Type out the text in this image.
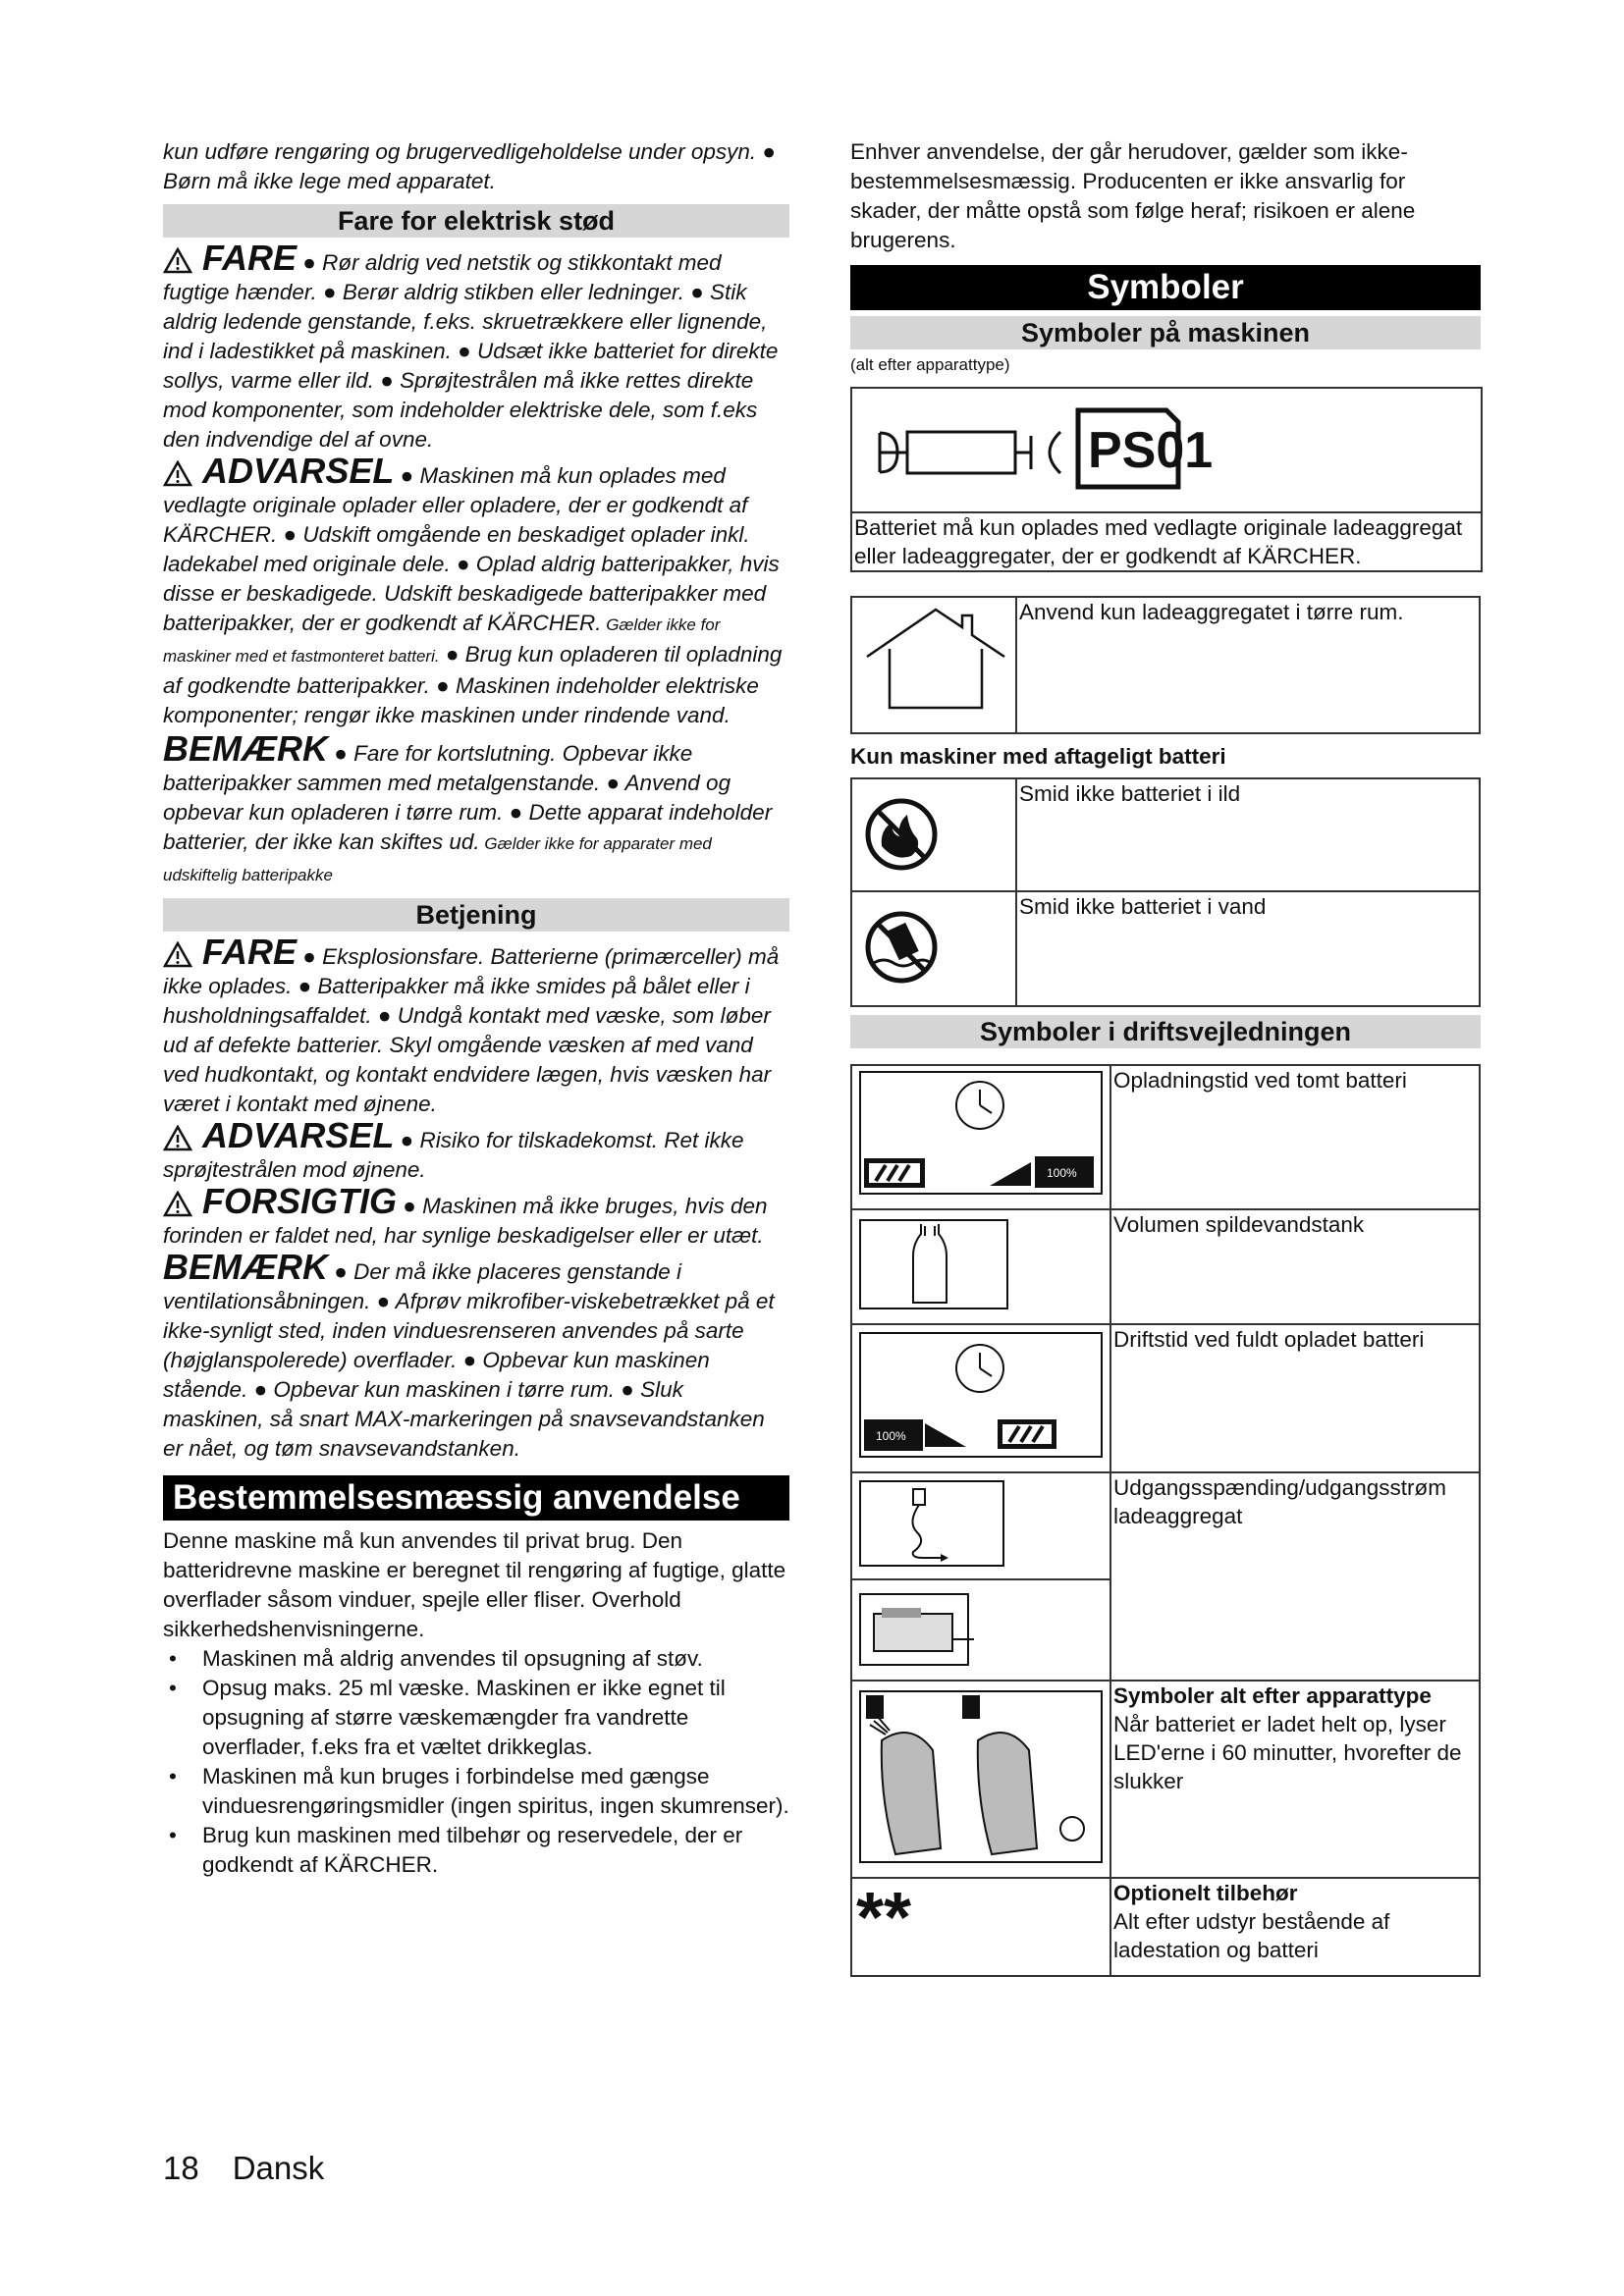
kun udføre rengøring og brugervedligeholdelse under opsyn. ● Børn må ikke lege med apparatet.

Fare for elektrisk stød

FARE ● Rør aldrig ved netstik og stikkontakt med fugtige hænder. ● Berør aldrig stikben eller ledninger. ● Stik aldrig ledende genstande, f.eks. skruetrækkere eller lignende, ind i ladestikket på maskinen. ● Udsæt ikke batteriet for direkte sollys, varme eller ild. ● Sprøjtestrålen må ikke rettes direkte mod komponenter, som indeholder elektriske dele, som f.eks den indvendige del af ovne.

ADVARSEL ● Maskinen må kun oplades med vedlagte originale oplader eller opladere, der er godkendt af KÄRCHER. ● Udskift omgående en beskadiget oplader inkl. ladekabel med originale dele. ● Oplad aldrig batteripakker, hvis disse er beskadigede. Udskift beskadigede batteripakker med batteripakker, der er godkendt af KÄRCHER. Gælder ikke for maskiner med et fastmonteret batteri. ● Brug kun opladeren til opladning af godkendte batteripakker. ● Maskinen indeholder elektriske komponenter; rengør ikke maskinen under rindende vand.

BEMÆRK ● Fare for kortslutning. Opbevar ikke batteripakker sammen med metalgenstande. ● Anvend og opbevar kun opladeren i tørre rum. ● Dette apparat indeholder batterier, der ikke kan skiftes ud. Gælder ikke for apparater med udskiftelig batteripakke

Betjening

FARE ● Eksplosionsfare. Batterierne (primærceller) må ikke oplades. ● Batteripakker må ikke smides på bålet eller i husholdningsaffaldet. ● Undgå kontakt med væske, som løber ud af defekte batterier. Skyl omgående væsken af med vand ved hudkontakt, og kontakt endvidere lægen, hvis væsken har været i kontakt med øjnene.

ADVARSEL ● Risiko for tilskadekomst. Ret ikke sprøjtestrålen mod øjnene.

FORSIGTIG ● Maskinen må ikke bruges, hvis den forinden er faldet ned, har synlige beskadigelser eller er utæt.

BEMÆRK ● Der må ikke placeres genstande i ventilationsåbningen. ● Afprøv mikrofiber-viskebetrækket på et ikke-synligt sted, inden vinduesrenseren anvendes på sarte (højglanspolerede) overflader. ● Opbevar kun maskinen stående. ● Opbevar kun maskinen i tørre rum. ● Sluk maskinen, så snart MAX-markeringen på snavsevandstanken er nået, og tøm snavsevandstanken.

Bestemmelsesmæssig anvendelse

Denne maskine må kun anvendes til privat brug. Den batteridrevne maskine er beregnet til rengøring af fugtige, glatte overflader såsom vinduer, spejle eller fliser. Overhold sikkerhedshenvisningerne.

• Maskinen må aldrig anvendes til opsugning af støv.
• Opsug maks. 25 ml væske. Maskinen er ikke egnet til opsugning af større væskemængder fra vandrette overflader, f.eks fra et væltet drikkeglas.
• Maskinen må kun bruges i forbindelse med gængse vinduesrengøringsmidler (ingen spiritus, ingen skumrenser).
• Brug kun maskinen med tilbehør og reservedele, der er godkendt af KÄRCHER.

Enhver anvendelse, der går herudover, gælder som ikke-bestemmelsesmæssig. Producenten er ikke ansvarlig for skader, der måtte opstå som følge heraf; risikoen er alene brugerens.

Symboler
Symboler på maskinen
(alt efter apparattype)
PS01

Batteriet må kun oplades med vedlagte originale ladeaggregat eller ladeaggregater, der er godkendt af KÄRCHER.
	Anvend kun ladeaggregatet i tørre rum.
Kun maskiner med aftageligt batteri
	Smid ikke batteriet i ild
	Smid ikke batteriet i vand
Symboler i driftsvejledningen
100%	Opladningstid ved tomt batteri
	Volumen spildevandstank

100%	Driftstid ved fuldt opladet batteri
	Udgangsspænding/udgangsstrøm ladeaggregat

Symboler alt efter apparattype
Når batteriet er ladet helt op, lyser LED'erne i 60 minutter, hvorefter de slukker

**	Optionelt tilbehør
Alt efter udstyr bestående af ladestation og batteri
18 Dansk
